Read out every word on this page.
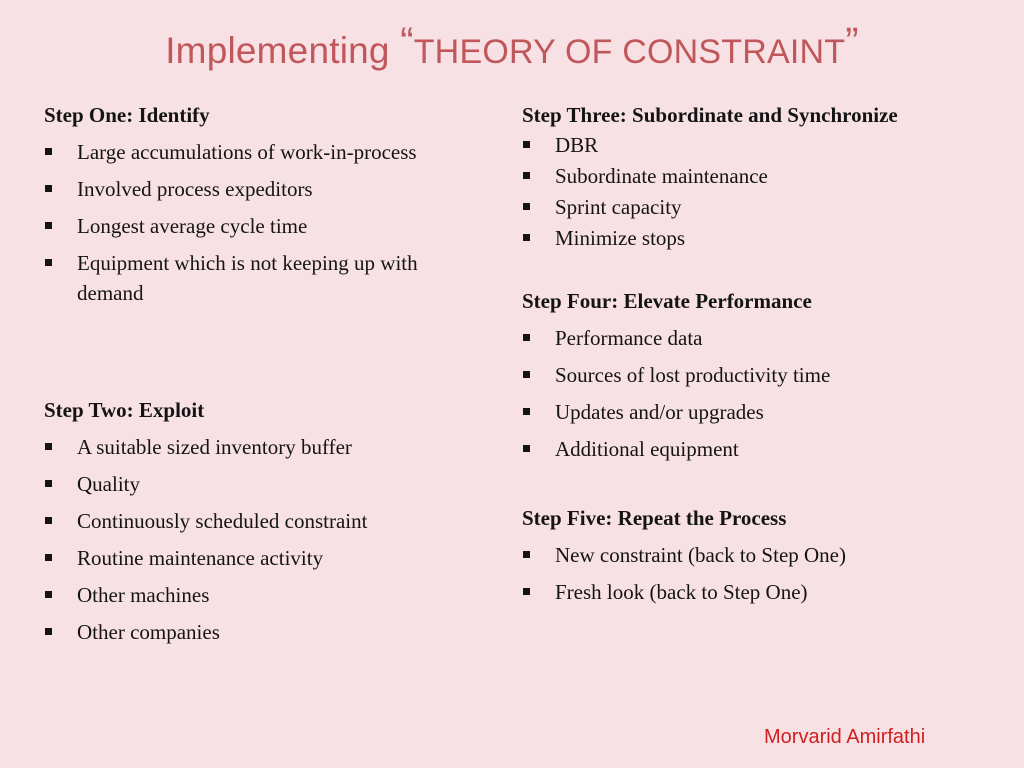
Implementing “THEORY OF CONSTRAINT”
Step One: Identify
Large accumulations of work-in-process
Involved process expeditors
Longest average cycle time
Equipment which is not keeping up with demand
Step Two: Exploit
A suitable sized inventory buffer
Quality
Continuously scheduled constraint
Routine maintenance activity
Other machines
Other companies
Step Three: Subordinate and Synchronize
DBR
Subordinate maintenance
Sprint capacity
Minimize stops
Step Four: Elevate Performance
Performance data
Sources of lost productivity time
Updates and/or upgrades
Additional equipment
Step Five: Repeat the Process
New constraint (back to Step One)
Fresh look (back to Step One)
Morvarid Amirfathi
